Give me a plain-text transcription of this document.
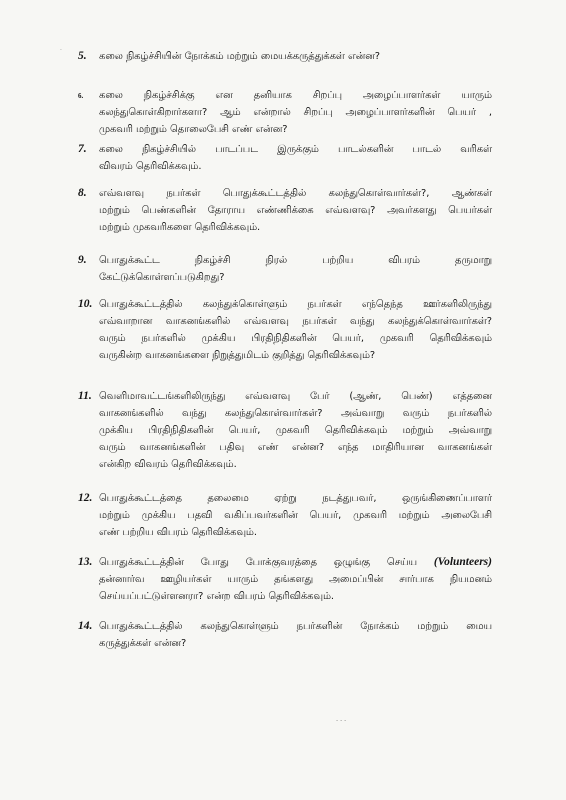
·
- - -
5. கலை நிகழ்ச்சியின் நோக்கம் மற்றும் மையக்கருத்துக்கள் என்ன?
6. கலை நிகழ்ச்சிக்கு என தனியாக சிறப்பு அழைப்பாளர்கள் யாரும்
கலந்துகொள்கிறார்களா? ஆம் என்றால் சிறப்பு அழைப்பாளர்களின் பெயர் ,
முகவரி மற்றும் தொலைபேசி எண் என்ன?
7. கலை நிகழ்ச்சியில் பாடப்பட இருக்கும் பாடல்களின் பாடல் வரிகள்
விவரம் தெரிவிக்கவும்.
8. எவ்வளவு நபர்கள் பொதுக்கூட்டத்தில் கலந்துகொள்வார்கள்?, ஆண்கள்
மற்றும் பெண்களின் தோராய எண்ணிக்கை எவ்வளவு? அவர்களது பெயர்கள்
மற்றும் முகவரிகளை தெரிவிக்கவும்.
9. பொதுக்கூட்ட நிகழ்ச்சி நிரல் பற்றிய விபரம் தருமாறு
கேட்டுக்கொள்ளப்படுகிறது?
10. பொதுக்கூட்டத்தில் கலந்துக்கொள்ளும் நபர்கள் எந்தெந்த ஊர்களிலிருந்து
எவ்வாறான வாகனங்களில் எவ்வளவு நபர்கள் வந்து கலந்துக்கொள்வார்கள்?
வரும் நபர்களில் முக்கிய பிரதிநிதிகளின் பெயர், முகவரி தெரிவிக்கவும்
வருகின்ற வாகனங்களை நிறுத்துமிடம் குறித்து தெரிவிக்கவும்?
11. வெளிமாவட்டங்களிலிருந்து எவ்வளவு பேர் (ஆண், பெண்) எத்தனை
வாகனங்களில் வந்து கலந்துகொள்வார்கள்? அவ்வாறு வரும் நபர்களில்
முக்கிய பிரதிநிதிகளின் பெயர், முகவரி தெரிவிக்கவும் மற்றும் அவ்வாறு
வரும் வாகனங்களின் பதிவு எண் என்ன? எந்த மாதிரியான வாகனங்கள்
என்கிற விவரம் தெரிவிக்கவும்.
12. பொதுக்கூட்டத்தை தலைமை ஏற்று நடத்துபவர், ஒருங்கிணைப்பாளர்
மற்றும் முக்கிய பதவி வகிப்பவர்களின் பெயர், முகவரி மற்றும் அலைபேசி
எண் பற்றிய விபரம் தெரிவிக்கவும்.
13. பொதுக்கூட்டத்தின் போது போக்குவரத்தை ஒழுங்கு செய்ய (Volunteers)
தன்னார்வ ஊழியர்கள் யாரும் தங்களது அமைப்பின் சார்பாக நியமனம்
செய்யப்பட்டுள்ளனரா? என்ற விபரம் தெரிவிக்கவும்.
14. பொதுக்கூட்டத்தில் கலந்துகொள்ளும் நபர்களின் நோக்கம் மற்றும் மைய
கருத்துக்கள் என்ன?
